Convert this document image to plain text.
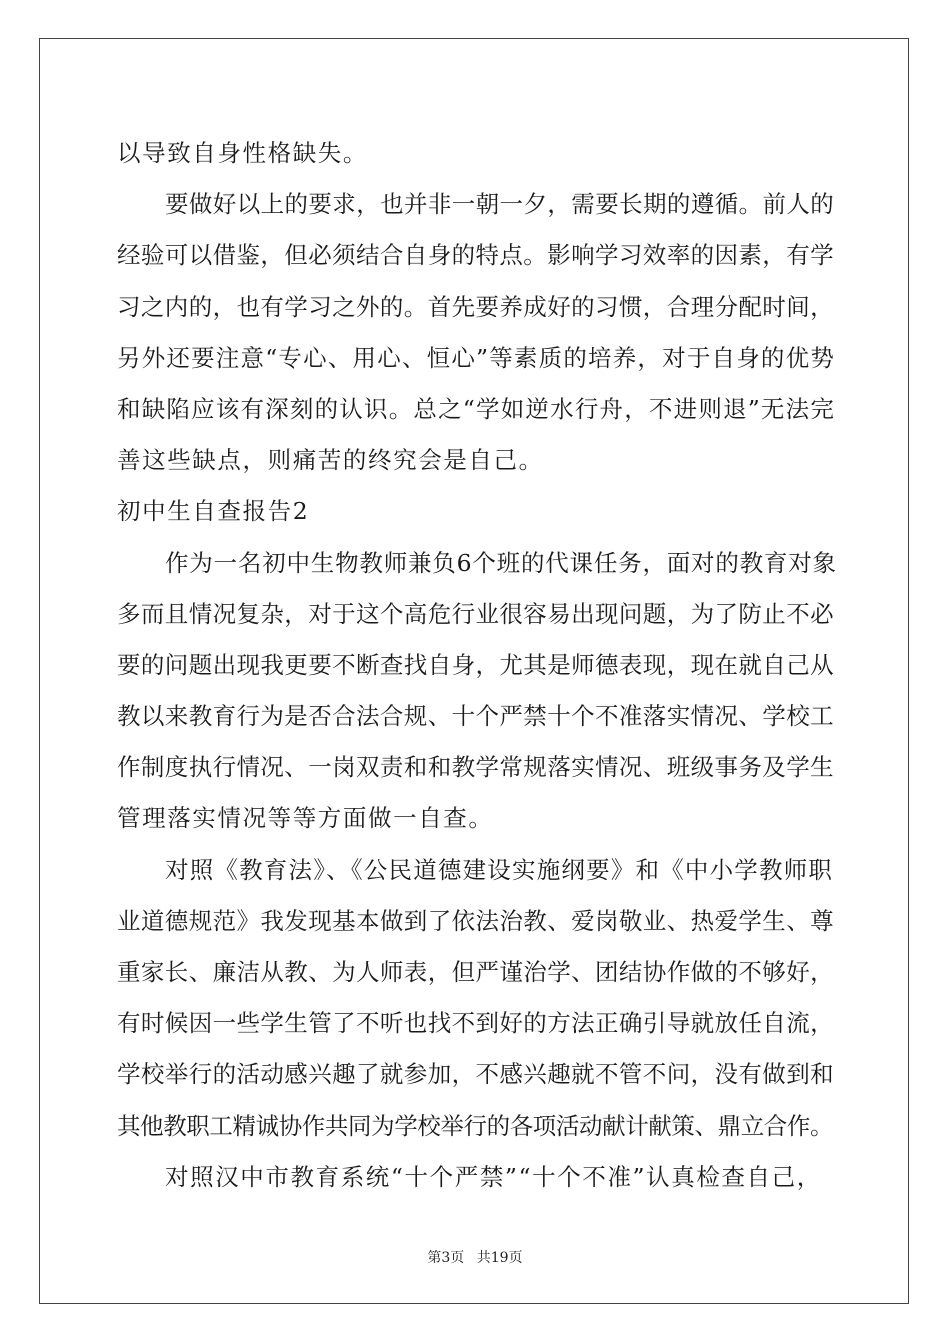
以导致自身性格缺失。
要做好以上的要求，也并非一朝一夕，需要长期的遵循。前人的
经验可以借鉴，但必须结合自身的特点。影响学习效率的因素，有学
习之内的，也有学习之外的。首先要养成好的习惯，合理分配时间，
另外还要注意“专心、用心、恒心”等素质的培养，对于自身的优势
和缺陷应该有深刻的认识。总之“学如逆水行舟，不进则退”无法完
善这些缺点，则痛苦的终究会是自己。
初中生自查报告2
作为一名初中生物教师兼负6个班的代课任务，面对的教育对象
多而且情况复杂，对于这个高危行业很容易出现问题，为了防止不必
要的问题出现我更要不断查找自身，尤其是师德表现，现在就自己从
教以来教育行为是否合法合规、十个严禁十个不准落实情况、学校工
作制度执行情况、一岗双责和和教学常规落实情况、班级事务及学生
管理落实情况等等方面做一自查。
对照《教育法》、《公民道德建设实施纲要》和《中小学教师职
业道德规范》我发现基本做到了依法治教、爱岗敬业、热爱学生、尊
重家长、廉洁从教、为人师表，但严谨治学、团结协作做的不够好，
有时候因一些学生管了不听也找不到好的方法正确引导就放任自流，
学校举行的活动感兴趣了就参加，不感兴趣就不管不问，没有做到和
其他教职工精诚协作共同为学校举行的各项活动献计献策、鼎立合作。
对照汉中市教育系统“十个严禁”“十个不准”认真检查自己，
第3页 共19页
